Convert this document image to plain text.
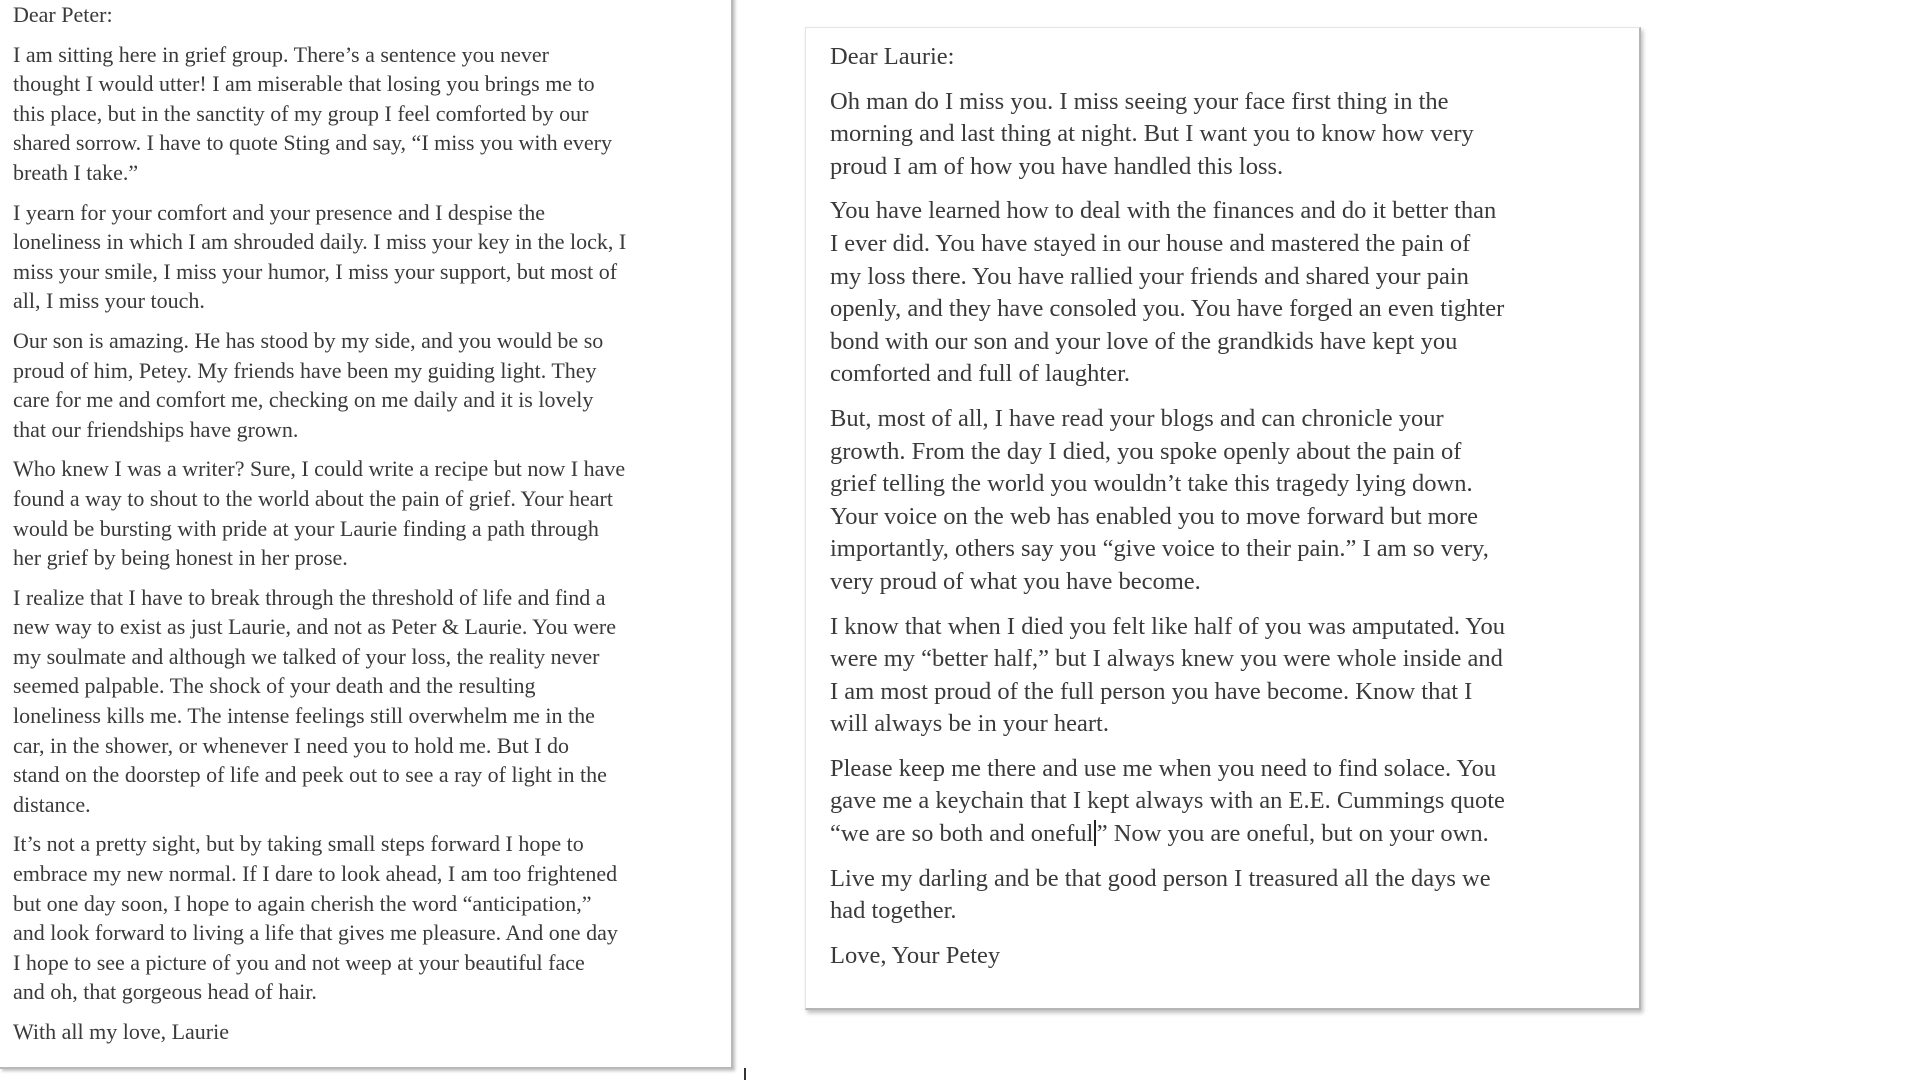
Dear Peter:

I am sitting here in grief group. There’s a sentence you never
thought I would utter! I am miserable that losing you brings me to
this place, but in the sanctity of my group I feel comforted by our
shared sorrow. I have to quote Sting and say, “I miss you with every
breath I take.”

I yearn for your comfort and your presence and I despise the
loneliness in which I am shrouded daily. I miss your key in the lock, I
miss your smile, I miss your humor, I miss your support, but most of
all, I miss your touch.

Our son is amazing. He has stood by my side, and you would be so
proud of him, Petey. My friends have been my guiding light. They
care for me and comfort me, checking on me daily and it is lovely
that our friendships have grown.

Who knew I was a writer? Sure, I could write a recipe but now I have
found a way to shout to the world about the pain of grief. Your heart
would be bursting with pride at your Laurie finding a path through
her grief by being honest in her prose.

I realize that I have to break through the threshold of life and find a
new way to exist as just Laurie, and not as Peter & Laurie. You were
my soulmate and although we talked of your loss, the reality never
seemed palpable. The shock of your death and the resulting
loneliness kills me. The intense feelings still overwhelm me in the
car, in the shower, or whenever I need you to hold me. But I do
stand on the doorstep of life and peek out to see a ray of light in the
distance.

It’s not a pretty sight, but by taking small steps forward I hope to
embrace my new normal. If I dare to look ahead, I am too frightened
but one day soon, I hope to again cherish the word “anticipation,”
and look forward to living a life that gives me pleasure. And one day
I hope to see a picture of you and not weep at your beautiful face
and oh, that gorgeous head of hair.

With all my love, Laurie

Dear Laurie:

Oh man do I miss you. I miss seeing your face first thing in the
morning and last thing at night. But I want you to know how very
proud I am of how you have handled this loss.

You have learned how to deal with the finances and do it better than
I ever did. You have stayed in our house and mastered the pain of
my loss there. You have rallied your friends and shared your pain
openly, and they have consoled you. You have forged an even tighter
bond with our son and your love of the grandkids have kept you
comforted and full of laughter.

But, most of all, I have read your blogs and can chronicle your
growth. From the day I died, you spoke openly about the pain of
grief telling the world you wouldn’t take this tragedy lying down.
Your voice on the web has enabled you to move forward but more
importantly, others say you “give voice to their pain.” I am so very,
very proud of what you have become.

I know that when I died you felt like half of you was amputated. You
were my “better half,” but I always knew you were whole inside and
I am most proud of the full person you have become. Know that I
will always be in your heart.

Please keep me there and use me when you need to find solace. You
gave me a keychain that I kept always with an E.E. Cummings quote

“we are so both and oneful ” Now you are oneful, but on your own.

Live my darling and be that good person I treasured all the days we
had together.

Love, Your Petey
